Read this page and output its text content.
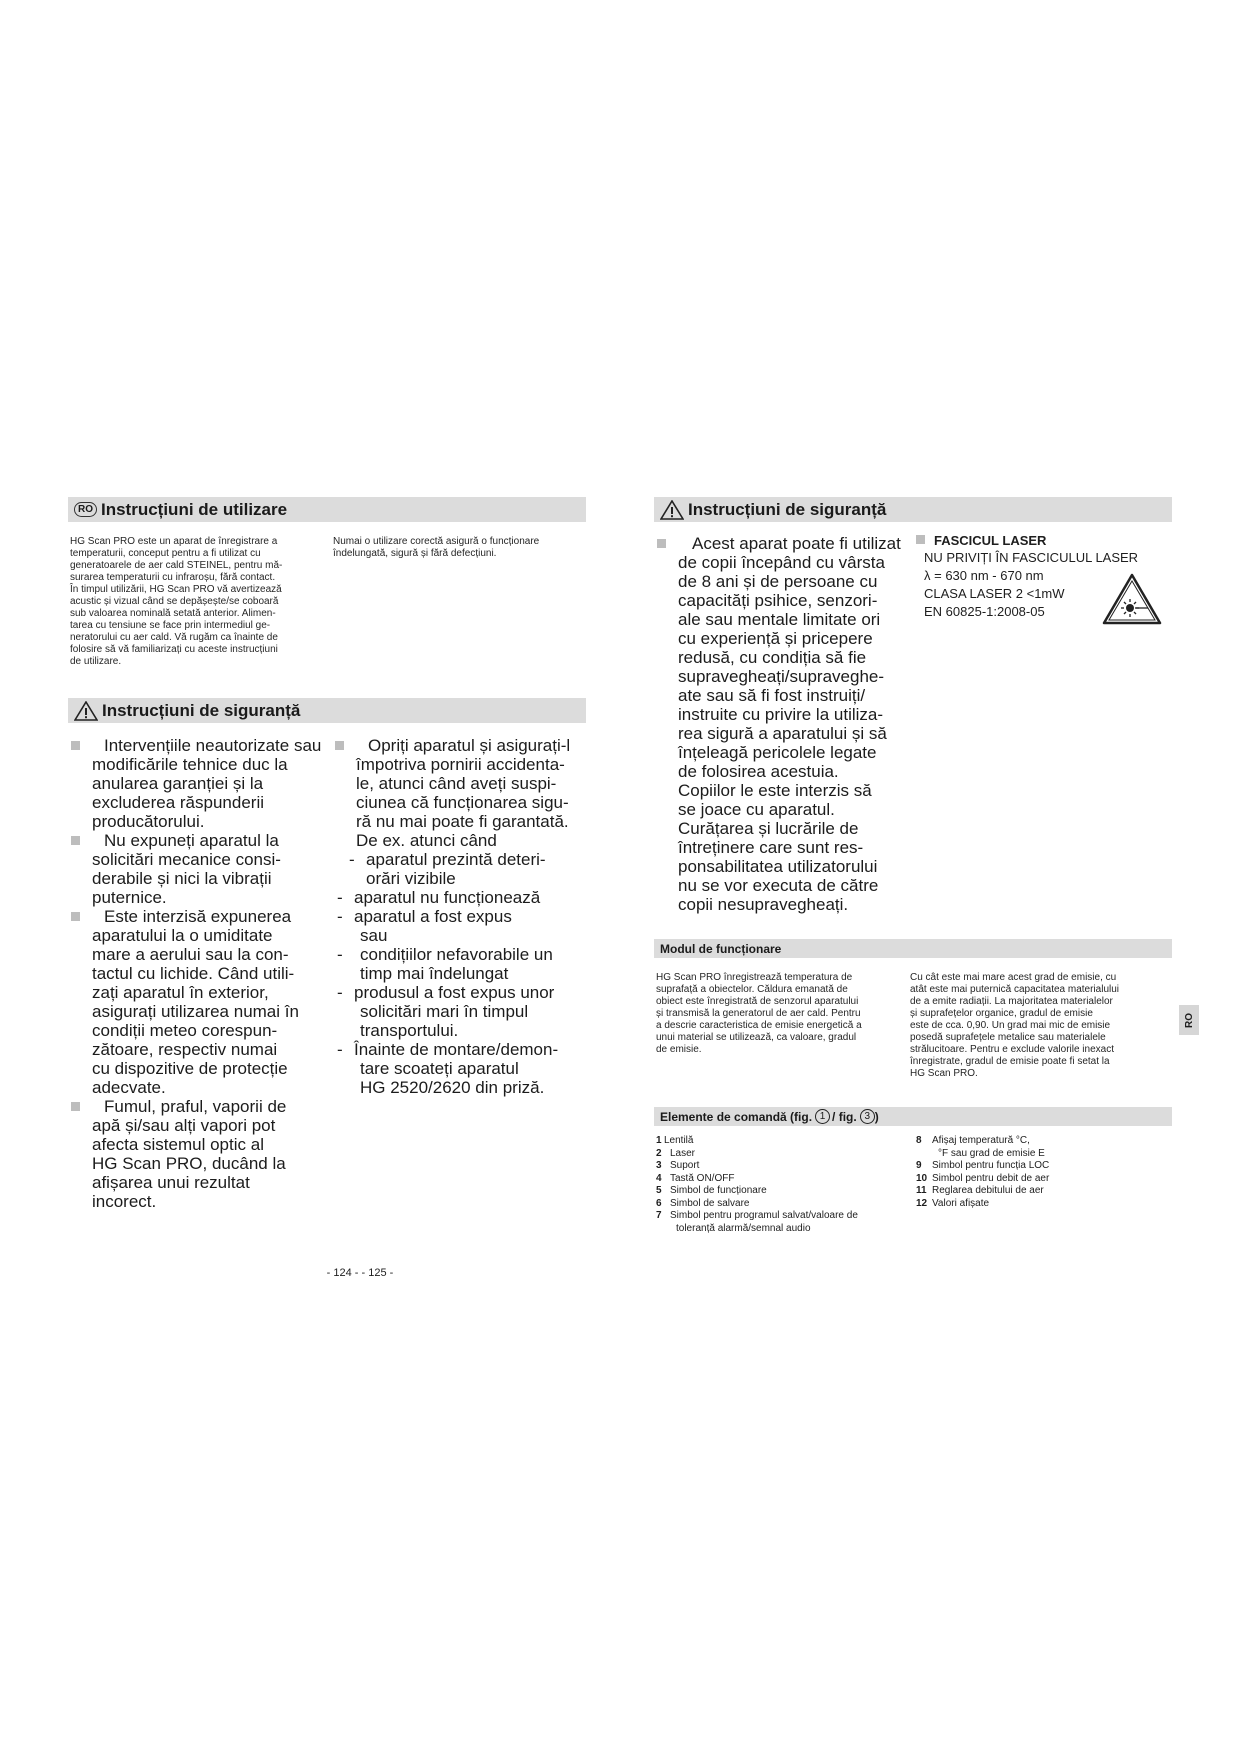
RO Instrucțiuni de utilizare
HG Scan PRO este un aparat de înregistrare a
temperaturii, conceput pentru a fi utilizat cu
generatoarele de aer cald STEINEL, pentru mă-
surarea temperaturii cu infraroșu, fără contact.
În timpul utilizării, HG Scan PRO vă avertizează
acustic și vizual când se depășește/se coboară
sub valoarea nominală setată anterior. Alimen-
tarea cu tensiune se face prin intermediul ge-
neratorului cu aer cald. Vă rugăm ca înainte de
folosire să vă familiarizați cu aceste instrucțiuni
de utilizare.
Numai o utilizare corectă asigură o funcționare
îndelungată, sigură și fără defecțiuni.
Instrucțiuni de siguranță
Intervențiile neautorizate sau
modificările tehnice duc la
anularea garanției și la
excluderea răspunderii
producătorului.
Nu expuneți aparatul la
solicitări mecanice consi-
derabile și nici la vibrații
puternice.
Este interzisă expunerea
aparatului la o umiditate
mare a aerului sau la con-
tactul cu lichide. Când utili-
zați aparatul în exterior,
asigurați utilizarea numai în
condiții meteo corespun-
zătoare, respectiv numai
cu dispozitive de protecție
adecvate.
Fumul, praful, vaporii de
apă și/sau alți vapori pot
afecta sistemul optic al
HG Scan PRO, ducând la
afișarea unui rezultat
incorect.
Opriți aparatul și asigurați-l
împotriva pornirii accidenta-
le, atunci când aveți suspi-
ciunea că funcționarea sigu-
ră nu mai poate fi garantată.
De ex. atunci când
- aparatul prezintă deteri-
orări vizibile
- aparatul nu funcționează
- aparatul a fost expus
sau
-	condițiilor nefavorabile un
timp mai îndelungat
- produsul a fost expus unor
solicitări mari în timpul
transportului.
- Înainte de montare/demon-
tare scoateți aparatul
HG 2520/2620 din priză.
- 124 - - 125 -
Instrucțiuni de siguranță
Acest aparat poate fi utilizat
de copii începând cu vârsta
de 8 ani și de persoane cu
capacități psihice, senzori-
ale sau mentale limitate ori
cu experiență și pricepere
redusă, cu condiția să fie
supravegheați/supraveghe-
ate sau să fi fost instruiți/
instruite cu privire la utiliza-
rea sigură a aparatului și să
înțeleagă pericolele legate
de folosirea acestuia.
Copiilor le este interzis să
se joace cu aparatul.
Curățarea și lucrările de
întreținere care sunt res-
ponsabilitatea utilizatorului
nu se vor executa de către
copii nesupravegheați.
FASCICUL LASER
NU PRIVIȚI ÎN FASCICULUL LASER
λ = 630 nm - 670 nm
CLASA LASER 2 <1mW
EN 60825-1:2008-05
Modul de funcționare
HG Scan PRO înregistrează temperatura de
suprafață a obiectelor. Căldura emanată de
obiect este înregistrată de senzorul aparatului
și transmisă la generatorul de aer cald. Pentru
a descrie caracteristica de emisie energetică a
unui material se utilizează, ca valoare, gradul
de emisie.
Cu cât este mai mare acest grad de emisie, cu
atât este mai puternică capacitatea materialului
de a emite radiații. La majoritatea materialelor
și suprafețelor organice, gradul de emisie
este de cca. 0,90. Un grad mai mic de emisie
posedă suprafețele metalice sau materialele
strălucitoare. Pentru e exclude valorile inexact
înregistrate, gradul de emisie poate fi setat la
HG Scan PRO.
RO
Elemente de comandă (fig. 1 / fig. 3 )
1 Lentilă
2 Laser
3 Suport
4 Tastă ON/OFF
5 Simbol de funcționare
6 Simbol de salvare
7 Simbol pentru programul salvat/valoare de
toleranță alarmă/semnal audio
8 Afișaj temperatură °C,
°F sau grad de emisie E
9 Simbol pentru funcția LOC
10 Simbol pentru debit de aer
11 Reglarea debitului de aer
12 Valori afișate
